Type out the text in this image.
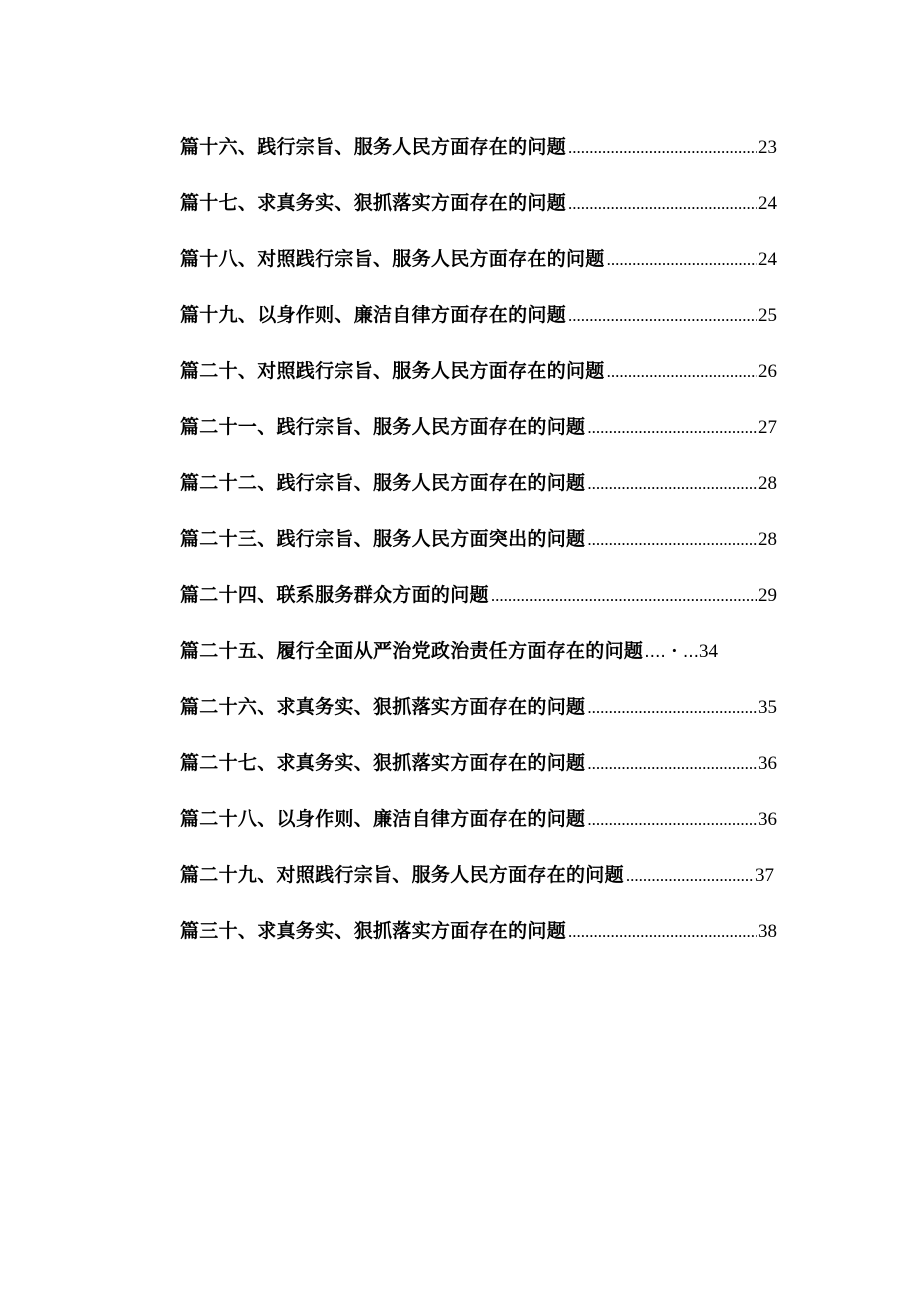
篇十六、践行宗旨、服务人民方面存在的问题 .....	23
篇十七、求真务实、狠抓落实方面存在的问题 .....	24
篇十八、对照践行宗旨、服务人民方面存在的问题 .....	24
篇十九、以身作则、廉洁自律方面存在的问题 .....	25
篇二十、对照践行宗旨、服务人民方面存在的问题 .....	26
篇二十一、践行宗旨、服务人民方面存在的问题 .....	27
篇二十二、践行宗旨、服务人民方面存在的问题 .....	28
篇二十三、践行宗旨、服务人民方面突出的问题 .....	28
篇二十四、联系服务群众方面的问题 .....	29
篇二十五、履行全面从严治党政治责任方面存在的问题 ....・... 34
篇二十六、求真务实、狠抓落实方面存在的问题 .....	35
篇二十七、求真务实、狠抓落实方面存在的问题 .....	36
篇二十八、以身作则、廉洁自律方面存在的问题 .....	36
篇二十九、对照践行宗旨、服务人民方面存在的问题 .....	37
篇三十、求真务实、狠抓落实方面存在的问题 .....	38
